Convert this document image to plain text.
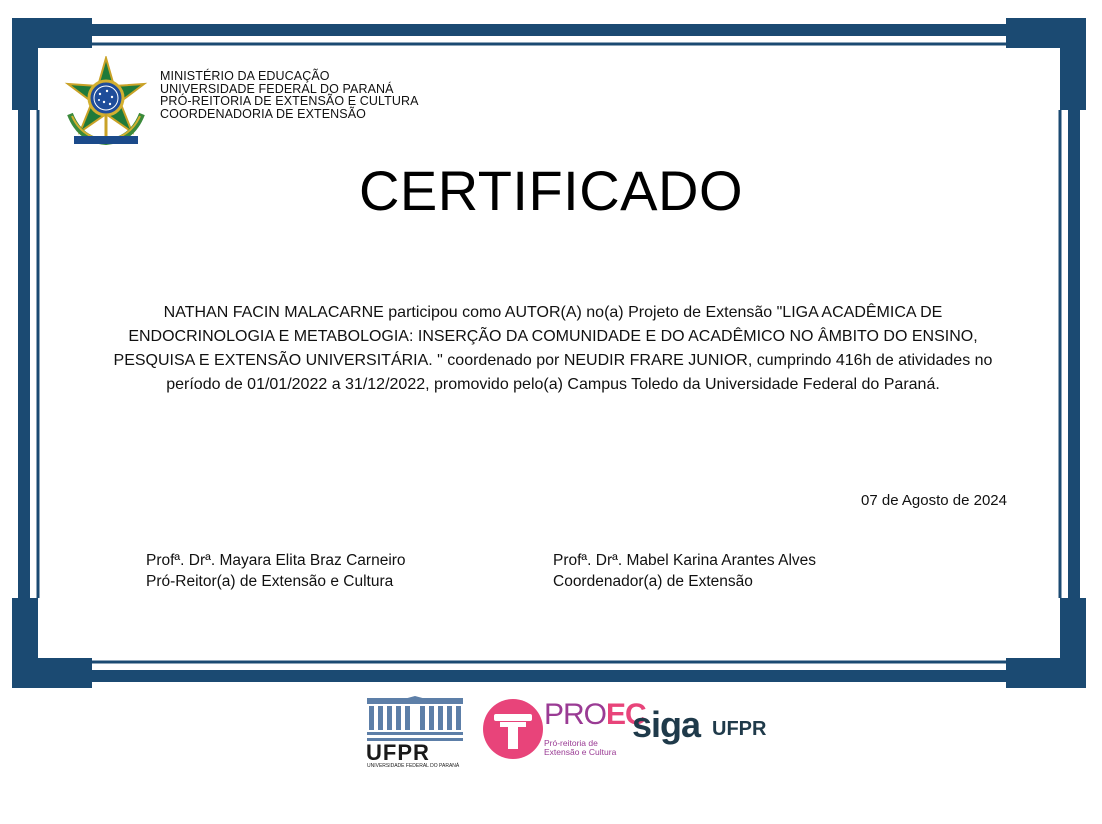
MINISTÉRIO DA EDUCAÇÃO
UNIVERSIDADE FEDERAL DO PARANÁ
PRÓ-REITORIA DE EXTENSÃO E CULTURA
COORDENADORIA DE EXTENSÃO
CERTIFICADO
NATHAN FACIN MALACARNE participou como AUTOR(A) no(a) Projeto de Extensão "LIGA ACADÊMICA DE ENDOCRINOLOGIA E METABOLOGIA: INSERÇÃO DA COMUNIDADE E DO ACADÊMICO NO ÂMBITO DO ENSINO, PESQUISA E EXTENSÃO UNIVERSITÁRIA. " coordenado por NEUDIR FRARE JUNIOR, cumprindo 416h de atividades no período de 01/01/2022 a 31/12/2022, promovido pelo(a) Campus Toledo da Universidade Federal do Paraná.
07 de Agosto de 2024
Profª. Drª. Mayara Elita Braz Carneiro
Pró-Reitor(a) de Extensão e Cultura
Profª. Drª. Mabel Karina Arantes Alves
Coordenador(a) de Extensão
UFPR
UNIVERSIDADE FEDERAL DO PARANÁ
PROEC
Pró-reitoria de
Extensão e Cultura
siga UFPR
